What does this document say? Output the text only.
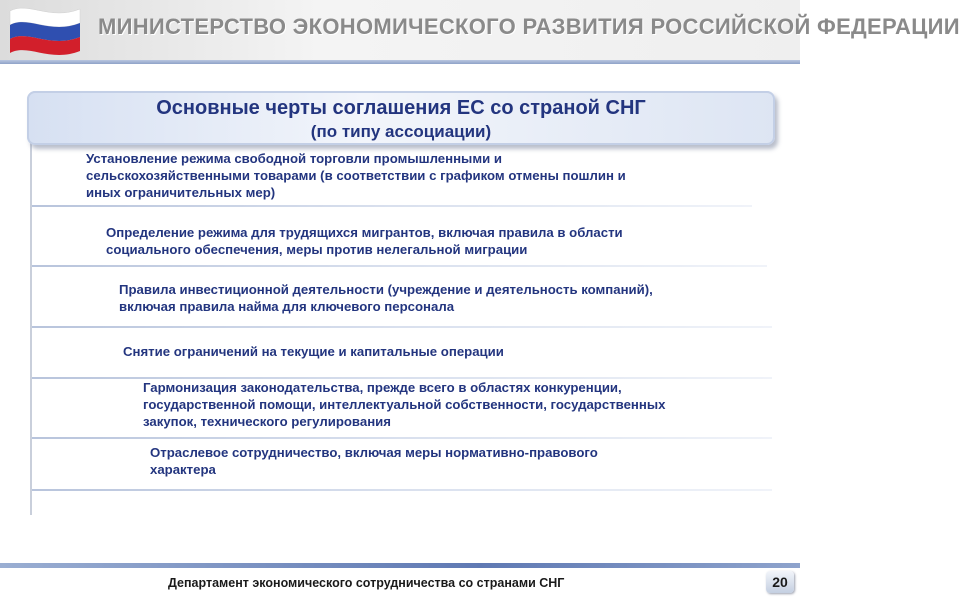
МИНИСТЕРСТВО ЭКОНОМИЧЕСКОГО РАЗВИТИЯ РОССИЙСКОЙ ФЕДЕРАЦИИ
Основные черты соглашения ЕС со страной СНГ
(по типу ассоциации)
Установление режима свободной торговли промышленными и
сельскохозяйственными товарами (в соответствии с графиком отмены пошлин и
иных ограничительных мер)
Определение режима для трудящихся мигрантов, включая правила в области
социального обеспечения, меры против нелегальной миграции
Правила инвестиционной деятельности (учреждение и деятельность компаний),
включая правила найма для ключевого персонала
Снятие ограничений на текущие и капитальные операции
Гармонизация законодательства, прежде всего в областях конкуренции,
государственной помощи, интеллектуальной собственности, государственных
закупок, технического регулирования
Отраслевое сотрудничество, включая меры нормативно-правового
характера
Департамент экономического сотрудничества со странами СНГ	20
